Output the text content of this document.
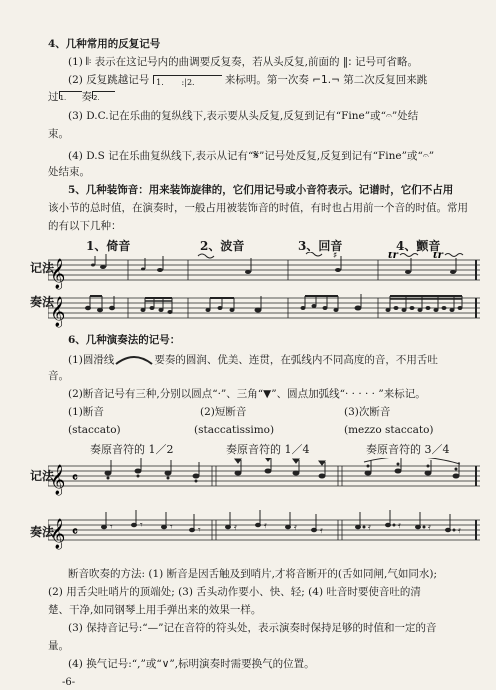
4、几种常用的反复记号
(1) 𝄆 表示在这记号内的曲调要反复奏，若从头反复,前面的 ‖: 记号可省略。
(2) 反复跳越记号 1.       :|2.	来标明。第一次奏 ⌐1.¬ 第二次反复回来跳
过1. 奏2.
(3) D.C.记在乐曲的复纵线下,表示要从头反复,反复到记有“Fine”或“𝄐”处结
束。
(4) D.S 记在乐曲复纵线下,表示从记有“𝄋”记号处反复,反复到记有“Fine”或“𝄐”
处结束。
5、几种装饰音：用来装饰旋律的，它们用记号或小音符表示。记谱时，它们不占用
该小节的总时值，在演奏时，一般占用被装饰音的时值，有时也占用前一个音的时值。常用
的有以下几种：
1、倚音	2、波音	3、回音	4、颤音
记法
奏法
𝄞
♯	tr	tr
𝄞
6、几种演奏法的记号：
(1)圆滑线	要奏的圆润、优美、连贯，在弧线内不同高度的音，不用舌吐
音。
(2)断音记号有三种,分别以圆点“·”、三角“▼”、圆点加弧线“· · · · · ”来标记。
(1)断音	(2)短断音	(3)次断音
(staccato)	(staccatissimo)	(mezzo staccato)
奏原音符的 1／2	奏原音符的 1／4	奏原音符的 3／4
记法
奏法
𝄞 𝄴
𝄞 𝄴	𝄾	𝄾	𝄾	𝄾	𝄿	𝄿	𝄿	𝄿	𝄿	𝄿	𝄿	𝄿
断音吹奏的方法: (1) 断音是因舌触及到哨片,才将音断开的(舌如同闸,气如同水);
(2) 用舌尖吐哨片的顶端处; (3) 舌头动作要小、快、轻; (4) 吐音时要使音吐的清
楚、干净,如同钢琴上用手弹出来的效果一样。
(3) 保持音记号:“—”记在音符的符头处，表示演奏时保持足够的时值和一定的音
量。
(4) 换气记号:“,”或“∨”,标明演奏时需要换气的位置。
-6-
